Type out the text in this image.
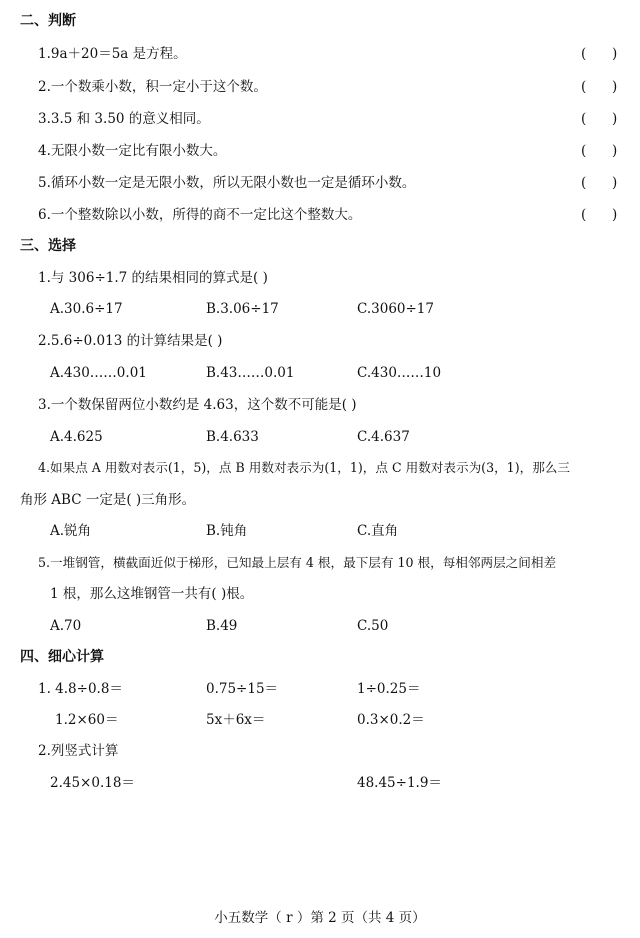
二、判断
1.9a＋20＝5a 是方程。	(      )
2.一个数乘小数，积一定小于这个数。	(      )
3.3.5 和 3.50 的意义相同。	(      )
4.无限小数一定比有限小数大。	(      )
5.循环小数一定是无限小数，所以无限小数也一定是循环小数。	(      )
6.一个整数除以小数，所得的商不一定比这个整数大。	(      )
三、选择
1.与 306÷1.7 的结果相同的算式是( )
A.30.6÷17	B.3.06÷17	C.3060÷17
2.5.6÷0.013 的计算结果是( )
A.430……0.01	B.43……0.01	C.430……10
3.一个数保留两位小数约是 4.63，这个数不可能是( )
A.4.625	B.4.633	C.4.637
4.如果点 A 用数对表示(1，5)，点 B 用数对表示为(1，1)，点 C 用数对表示为(3，1)，那么三
角形 ABC 一定是( )三角形。
A.锐角	B.钝角	C.直角
5.一堆钢管，横截面近似于梯形，已知最上层有 4 根，最下层有 10 根，每相邻两层之间相差
1 根，那么这堆钢管一共有( )根。
A.70	B.49	C.50
四、细心计算
1. 4.8÷0.8＝	0.75÷15＝	1÷0.25＝
1.2×60＝	5x＋6x＝	0.3×0.2＝
2.列竖式计算
2.45×0.18＝	48.45÷1.9＝
小五数学（ r ）第 2 页（共 4 页）
